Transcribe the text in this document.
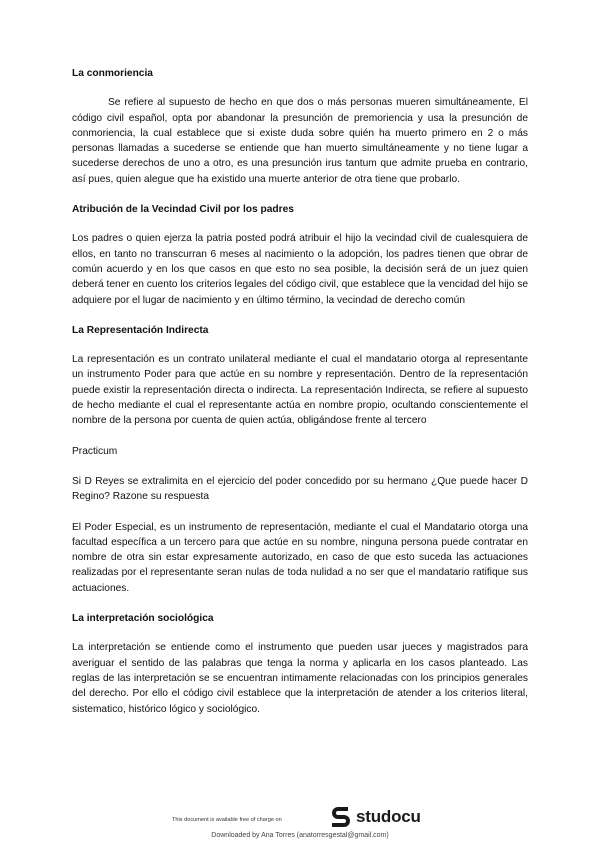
La conmoriencia

Se refiere al supuesto de hecho en que dos o más personas mueren simultáneamente, El código civil español, opta por abandonar la presunción de premoriencia y usa la presunción de conmoriencia, la cual establece que si existe duda sobre quién ha muerto primero en 2 o más personas llamadas a sucederse se entiende que han muerto simultáneamente y no tiene lugar a sucederse derechos de uno a otro, es una presunción irus tantum que admite prueba en contrario, así pues, quien alegue que ha existido una muerte anterior de otra tiene que probarlo.

Atribución de la Vecindad Civil por los padres

Los padres o quien ejerza la patria posted podrá atribuir el hijo la vecindad civil de cualesquiera de ellos, en tanto no transcurran 6 meses al nacimiento o la adopción, los padres tienen que obrar de común acuerdo y en los que casos en que esto no sea posible, la decisión será de un juez quien deberá tener en cuento los criterios legales del código civil, que establece que la vencidad del hijo se adquiere por el lugar de nacimiento y en último término, la vecindad de derecho común

La Representación Indirecta

La representación es un contrato unilateral mediante el cual el mandatario otorga al representante un instrumento Poder para que actúe en su nombre y representación. Dentro de la representación puede existir la representación directa o indirecta. La representación Indirecta, se refiere al supuesto de hecho mediante el cual el representante actúa en nombre propio, ocultando conscientemente el nombre de la persona por cuenta de quien actúa, obligándose frente al tercero

Practicum

Si D Reyes se extralimita en el ejercicio del poder concedido por su hermano ¿Que puede hacer D Regino? Razone su respuesta

El Poder Especial, es un instrumento de representación, mediante el cual el Mandatario otorga una facultad específica a un tercero para que actúe en su nombre, ninguna persona puede contratar en nombre de otra sin estar expresamente autorizado, en caso de que esto suceda las actuaciones realizadas por el representante seran nulas de toda nulidad a no ser que el mandatario ratifique sus actuaciones.

La interpretación sociológica

La interpretación se entiende como el instrumento que pueden usar jueces y magistrados para averiguar el sentido de las palabras que tenga la norma y aplicarla en los casos planteado. Las reglas de las interpretación se se encuentran intimamente relacionadas con los principios generales del derecho. Por ello el código civil establece que la interpretación de atender a los criterios literal, sistematico, histórico lógico y sociológico.

This document is available free of charge on	studocu
Downloaded by Ana Torres (anatorresgestal@gmail.com)
